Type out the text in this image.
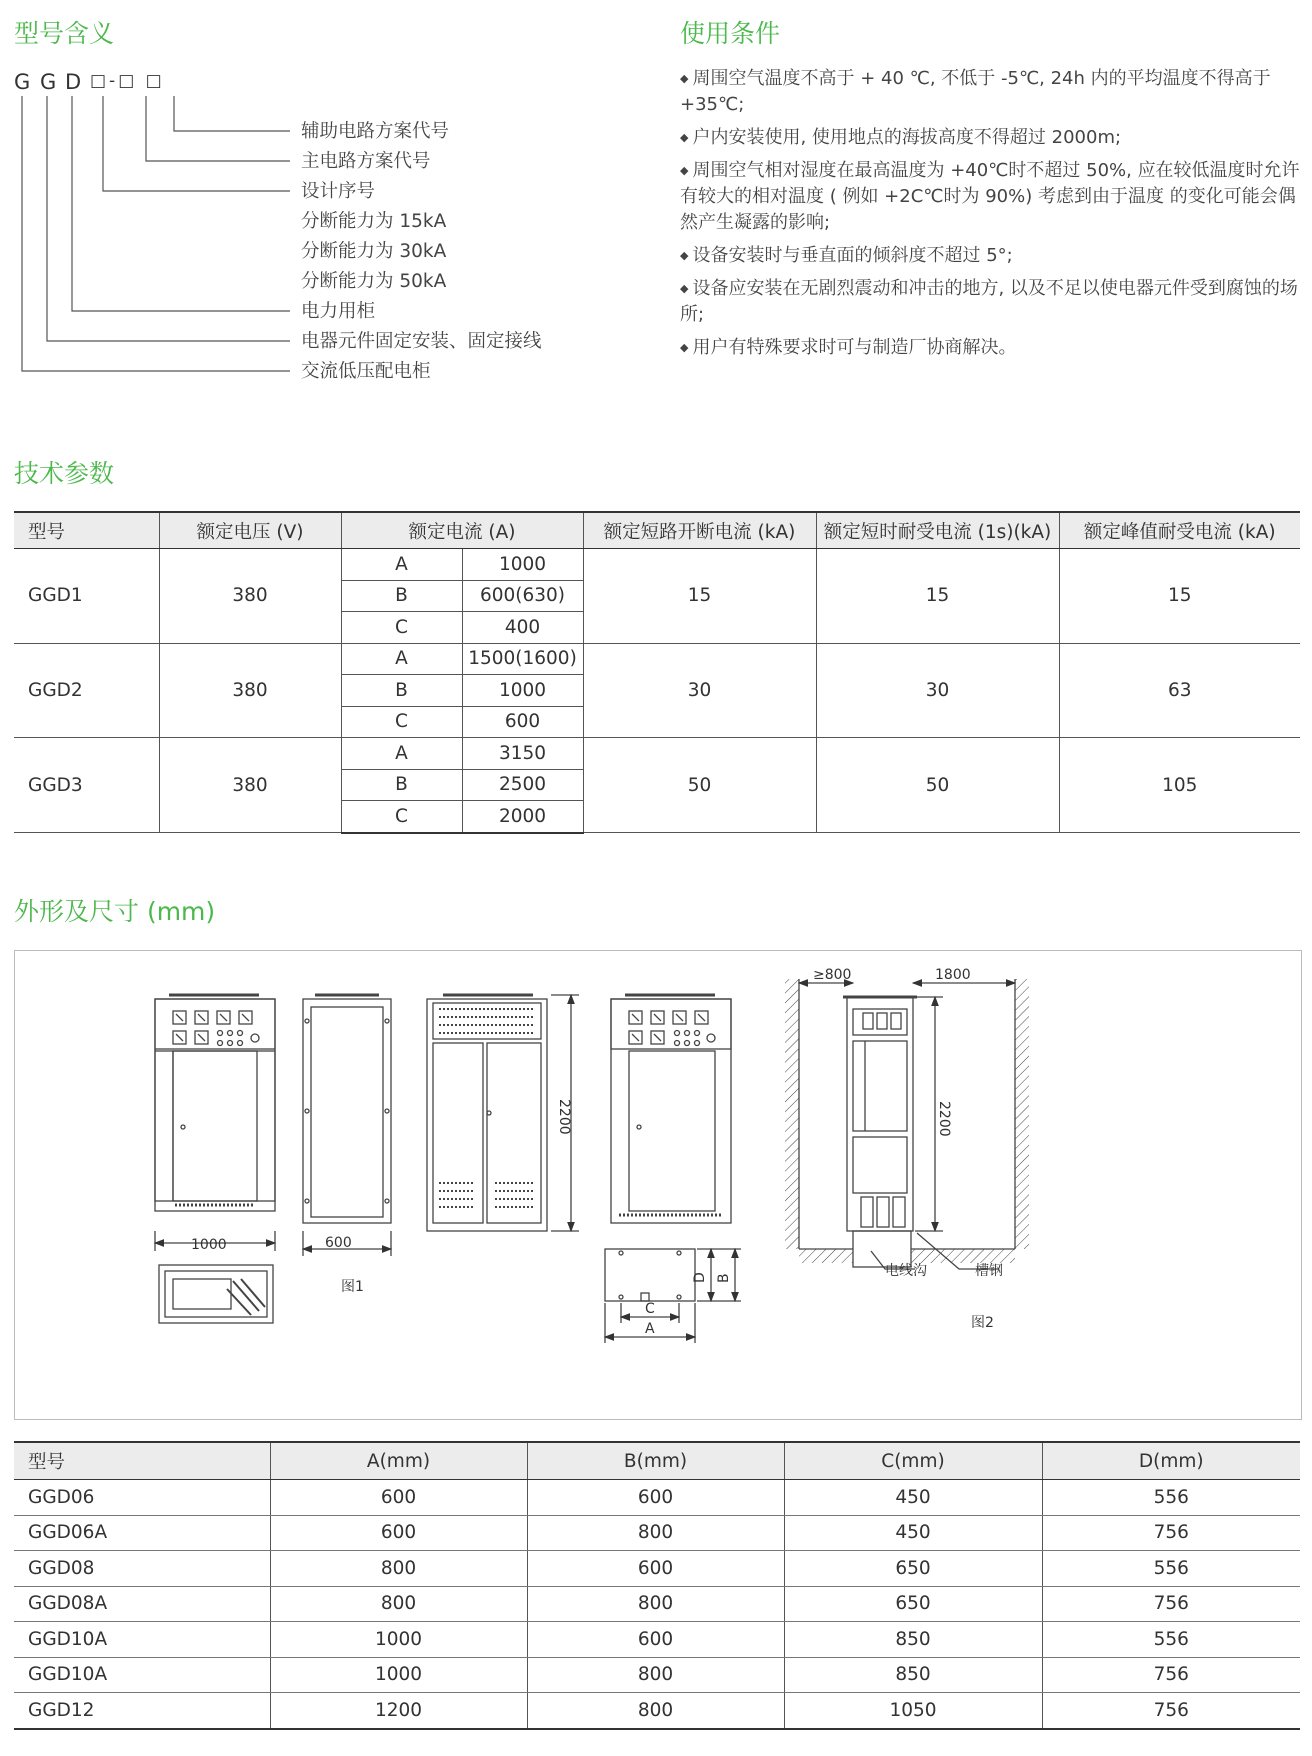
型号含义	使用条件
技术参数
外形及尺寸 (mm)
G G D □-□ □
辅助电路方案代号
主电路方案代号
设计序号
分断能力为 15kA
分断能力为 30kA
分断能力为 50kA
电力用柜
电器元件固定安装、固定接线
交流低压配电柜

◆ 周围空气温度不高于 + 40 ℃, 不低于 -5℃, 24h 内的平均温度不得高于 +35℃;

◆ 户内安装使用, 使用地点的海拔高度不得超过 2000m;

◆ 周围空气相对湿度在最高温度为 +40℃时不超过 50%, 应在较低温度时允许有较大的相对温度 ( 例如 +2C℃时为 90%) 考虑到由于温度 的变化可能会偶然产生凝露的影响;

◆ 设备安装时与垂直面的倾斜度不超过 5°;

◆ 设备应安装在无剧烈震动和冲击的地方, 以及不足以使电器元件受到腐蚀的场所;

◆ 用户有特殊要求时可与制造厂协商解决。

型号	额定电压 (V)	额定电流 (A)		额定短路开断电流 (kA)	额定短时耐受电流 (1s)(kA)	额定峰值耐受电流 (kA)
GGD1	380	A	1000	15	15	15
		B	600(630)			
		C	400			
GGD2	380	A	1500(1600)	30	30	63
		B	1000			
		C	600			
GGD3	380	A	3150	50	50	105
		B	2500			
		C	2000			
1000	600
2200
图1
图2
≥800	1800
2200
电线沟	槽钢
A
B
C
D
型号	A(mm)	B(mm)	C(mm)	D(mm)
GGD06	600	600	450	556
GGD06A	600	800	450	756
GGD08	800	600	650	556
GGD08A	800	800	650	756
GGD10A	1000	600	850	556
GGD10A	1000	800	850	756
GGD12	1200	800	1050	756
